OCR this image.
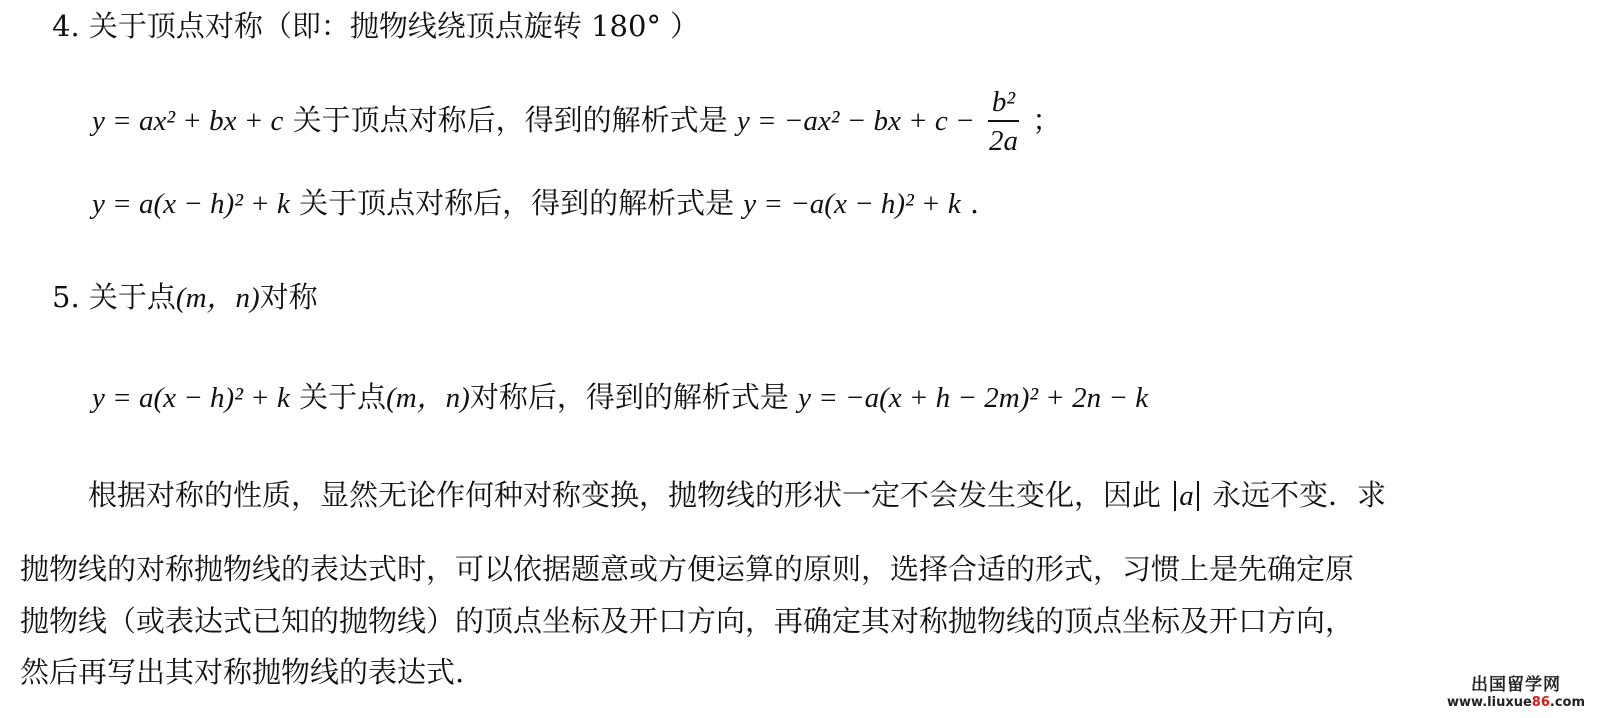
4. 关于顶点对称（即：抛物线绕顶点旋转 180° ）
y = ax² + bx + c 关于顶点对称后，得到的解析式是 y = −ax² − bx + $c - \frac{\text{b²}}{2a}$ ；
y = a(x − h)² + k 关于顶点对称后，得到的解析式是 y = −a(x − h)² + k .
5. 关于点(m，n)对称
y = a(x − h)² + k 关于点(m，n)对称后，得到的解析式是 y = −a(x + h − 2m)² + 2n − k
根据对称的性质，显然无论作何种对称变换，抛物线的形状一定不会发生变化，因此 a 永远不变．求
抛物线的对称抛物线的表达式时，可以依据题意或方便运算的原则，选择合适的形式，习惯上是先确定原
抛物线（或表达式已知的抛物线）的顶点坐标及开口方向，再确定其对称抛物线的顶点坐标及开口方向，
然后再写出其对称抛物线的表达式.	出国留学网
www.liuxue86.com
